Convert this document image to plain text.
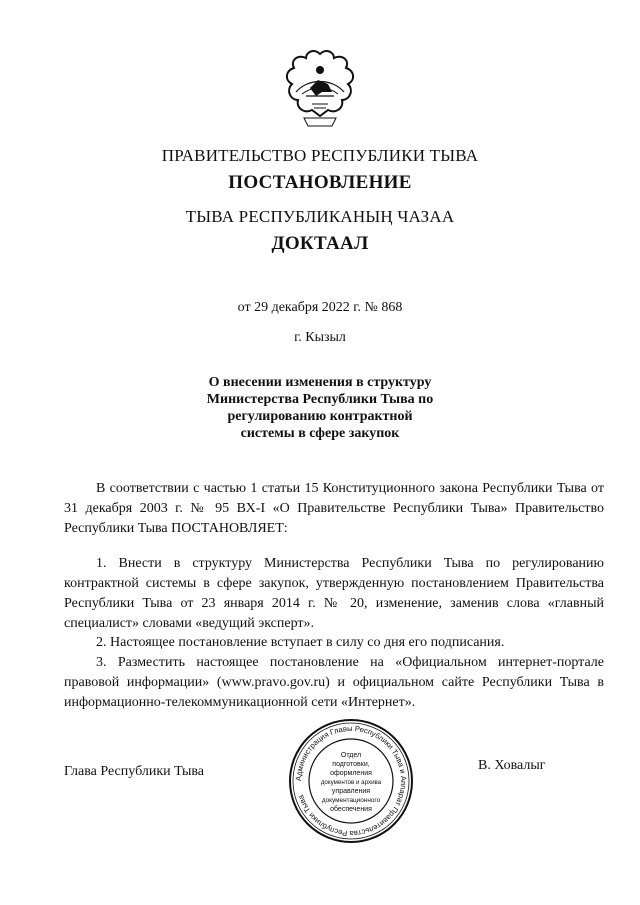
ПРАВИТЕЛЬСТВО РЕСПУБЛИКИ ТЫВА
ПОСТАНОВЛЕНИЕ
ТЫВА РЕСПУБЛИКАНЫҢ ЧАЗАА
ДОКТААЛ
от 29 декабря 2022 г. № 868
г. Кызыл
О внесении изменения в структуру
Министерства Республики Тыва по
регулированию контрактной
системы в сфере закупок
В соответствии с частью 1 статьи 15 Конституционного закона Республики Тыва от 31 декабря 2003 г. № 95 ВХ-I «О Правительстве Республики Тыва» Правительство Республики Тыва ПОСТАНОВЛЯЕТ:
1. Внести в структуру Министерства Республики Тыва по регулированию контрактной системы в сфере закупок, утвержденную постановлением Правительства Республики Тыва от 23 января 2014 г. № 20, изменение, заменив слова «главный специалист» словами «ведущий эксперт».
2. Настоящее постановление вступает в силу со дня его подписания.
3. Разместить настоящее постановление на «Официальном интернет-портале правовой информации» (www.pravo.gov.ru) и официальном сайте Республики Тыва в информационно-телекоммуникационной сети «Интернет».
Глава Республики Тыва	Администрация Главы Республики Тыва и Аппарат Правительства Республики Тыва
Отдел
подготовки,
оформления
документов и архива
управления
документационного
обеспечения
В. Ховалыг
